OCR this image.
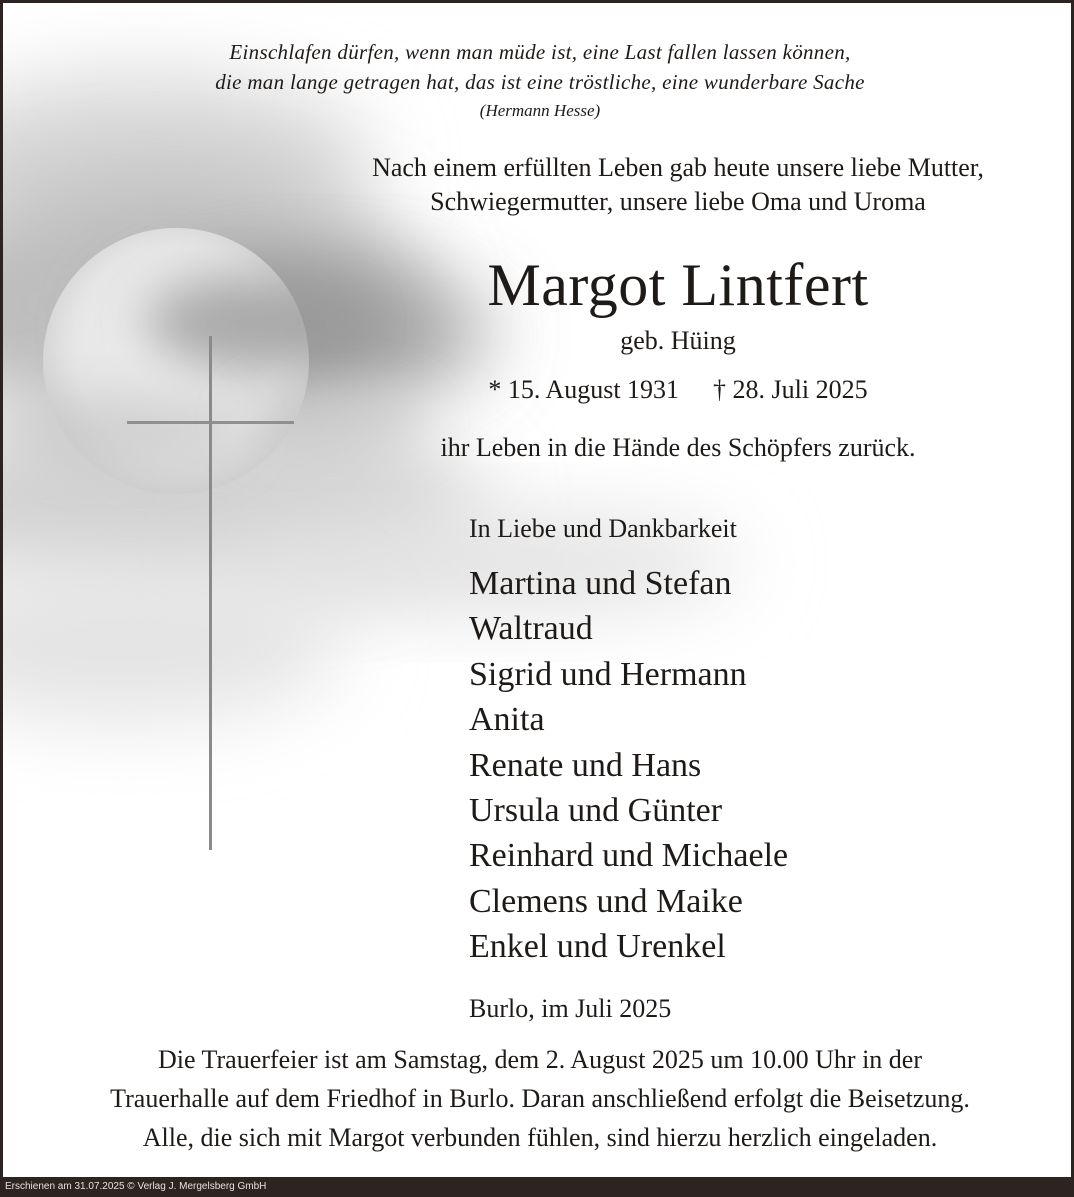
Einschlafen dürfen, wenn man müde ist, eine Last fallen lassen können,
die man lange getragen hat, das ist eine tröstliche, eine wunderbare Sache
(Hermann Hesse)
Nach einem erfüllten Leben gab heute unsere liebe Mutter,
Schwiegermutter, unsere liebe Oma und Uroma
Margot Lintfert
geb. Hüing
* 15. August 1931 † 28. Juli 2025
ihr Leben in die Hände des Schöpfers zurück.
In Liebe und Dankbarkeit
Martina und Stefan
Waltraud
Sigrid und Hermann
Anita
Renate und Hans
Ursula und Günter
Reinhard und Michaele
Clemens und Maike
Enkel und Urenkel
Burlo, im Juli 2025
Die Trauerfeier ist am Samstag, dem 2. August 2025 um 10.00 Uhr in der
Trauerhalle auf dem Friedhof in Burlo. Daran anschließend erfolgt die Beisetzung.
Alle, die sich mit Margot verbunden fühlen, sind hierzu herzlich eingeladen.
Erschienen am 31.07.2025 © Verlag J. Mergelsberg GmbH
